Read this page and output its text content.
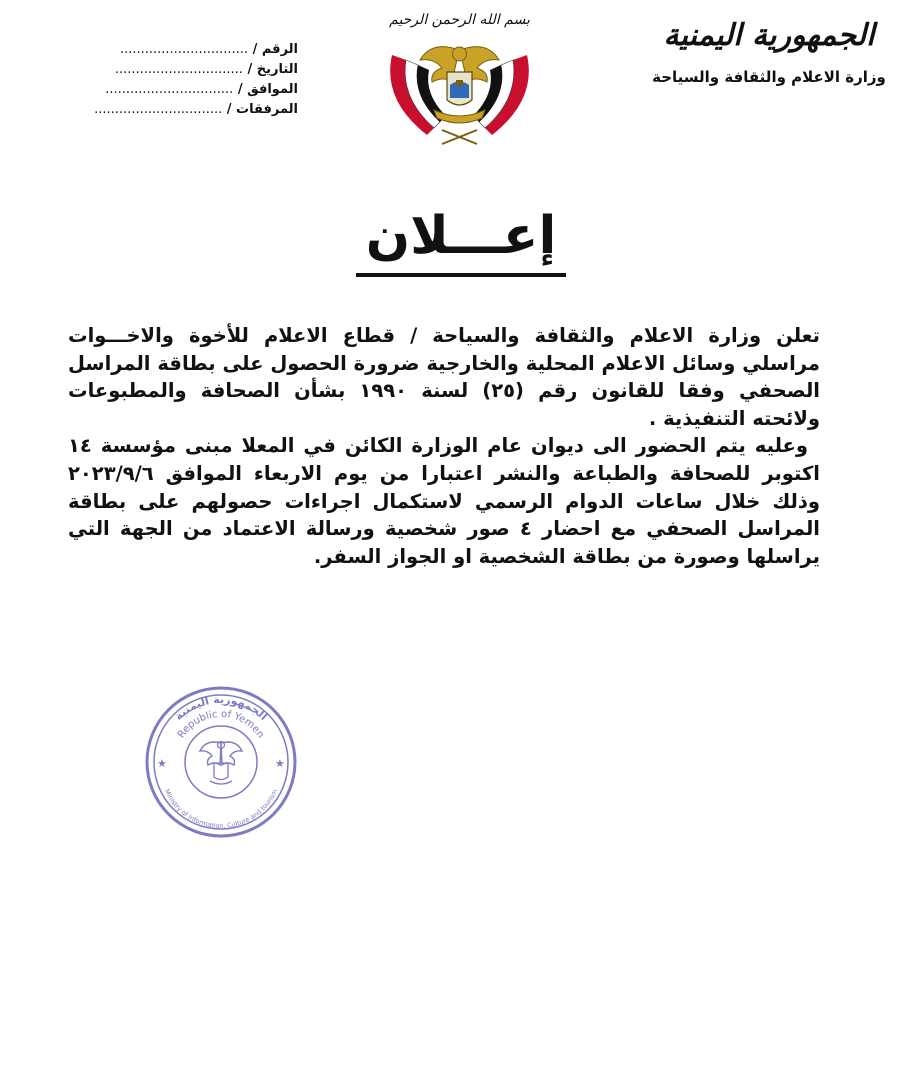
الجمهورية اليمنية
وزارة الاعلام والثقافة والسياحة
بسم الله الرحمن الرحيم
الرقم / ...............................
التاريخ / ...............................
الموافق / ...............................
المرفقات / ...............................
إعـــلان

تعلن وزارة الاعلام والثقافة والسياحة / قطاع الاعلام للأخوة والاخـــوات مراسلي وسائل الاعلام المحلية والخارجية ضرورة الحصول على بطاقة المراسل الصحفي وفقا للقانون رقم (٢٥) لسنة ١٩٩٠ بشأن الصحافة والمطبوعات ولائحته التنفيذية .

وعليه يتم الحضور الى ديوان عام الوزارة الكائن في المعلا مبنى مؤسسة ١٤ اكتوبر للصحافة والطباعة والنشر اعتبارا من يوم الاربعاء الموافق ٢٠٢٣/٩/٦ وذلك خلال ساعات الدوام الرسمي لاستكمال اجراءات حصولهم على بطاقة المراسل الصحفي مع احضار ٤ صور شخصية ورسالة الاعتماد من الجهة التي يراسلها وصورة من بطاقة الشخصية او الجواز السفر.

الجمهورية اليمنية
Republic of Yemen
Ministry of Information, Culture and tourism
★	★
